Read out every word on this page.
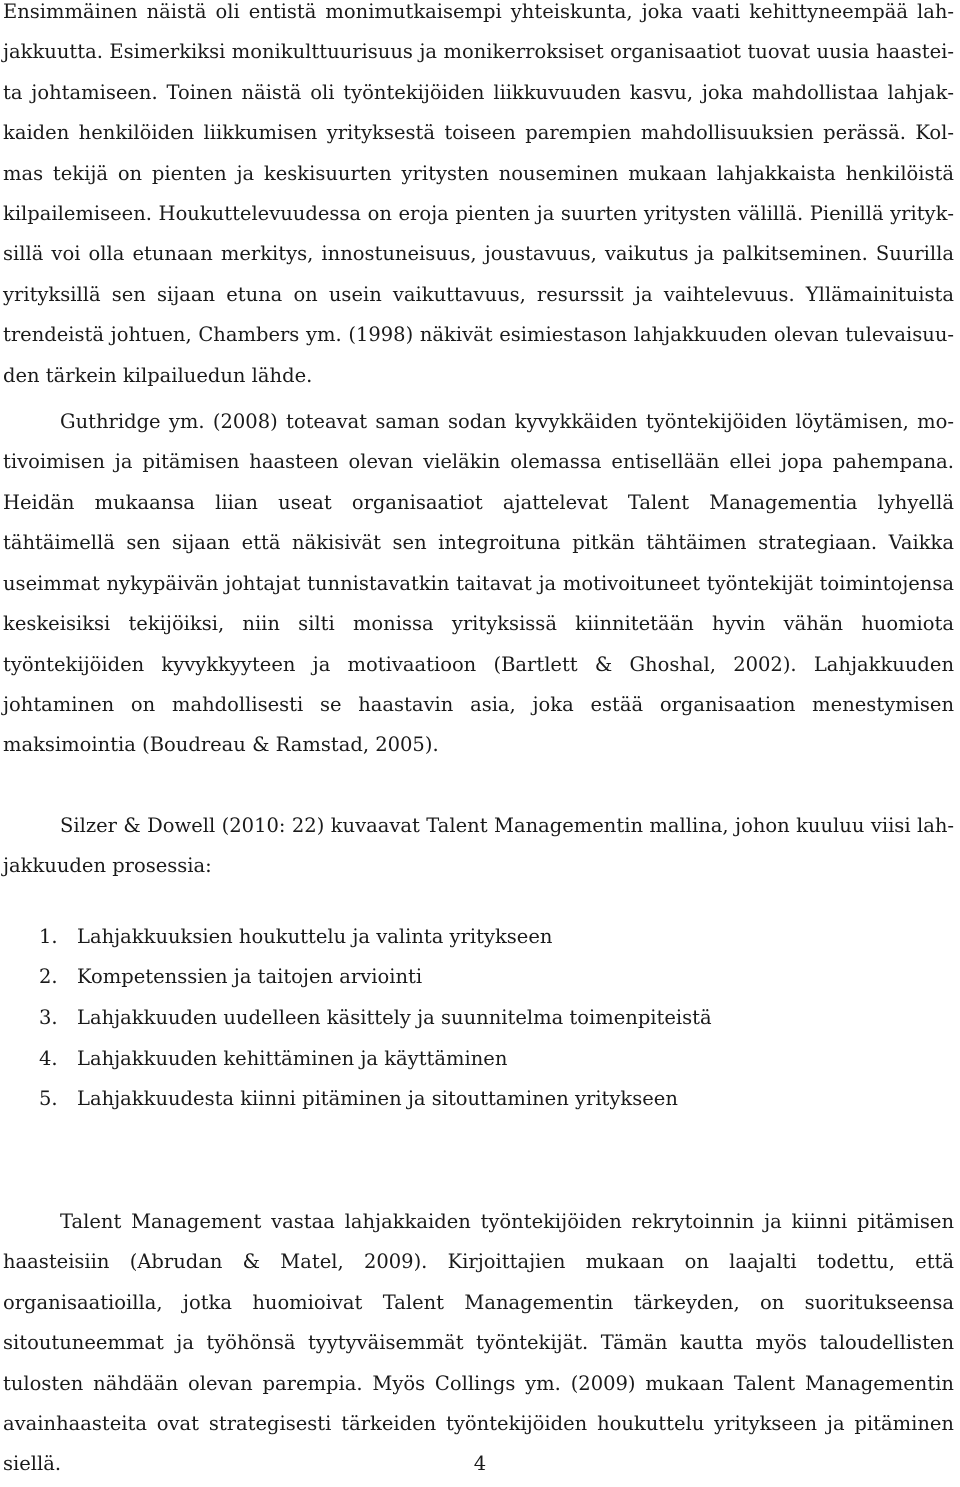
Ensimmäinen näistä oli entistä monimutkaisempi yhteiskunta, joka vaati kehittyneempää lahjakkuutta. Esimerkiksi monikulttuurisuus ja monikerroksiset organisaatiot tuovat uusia haasteita johtamiseen. Toinen näistä oli työntekijöiden liikkuvuuden kasvu, joka mahdollistaa lahjakkaiden henkilöiden liikkumisen yrityksestä toiseen parempien mahdollisuuksien perässä. Kolmas tekijä on pienten ja keskisuurten yritysten nouseminen mukaan lahjakkaista henkilöistä kilpailemiseen. Houkuttelevuudessa on eroja pienten ja suurten yritysten välillä. Pienillä yrityksillä voi olla etunaan merkitys, innostuneisuus, joustavuus, vaikutus ja palkitseminen. Suurilla yrityksillä sen sijaan etuna on usein vaikuttavuus, resurssit ja vaihtelevuus. Yllämainituista trendeistä johtuen, Chambers ym. (1998) näkivät esimiestason lahjakkuuden olevan tulevaisuuden tärkein kilpailuedun lähde.

Guthridge ym. (2008) toteavat saman sodan kyvykkäiden työntekijöiden löytämisen, motivoimisen ja pitämisen haasteen olevan vieläkin olemassa entisellään ellei jopa pahempana. Heidän mukaansa liian useat organisaatiot ajattelevat Talent Managementia lyhyellä tähtäimellä sen sijaan että näkisivät sen integroituna pitkän tähtäimen strategiaan. Vaikka useimmat nykypäivän johtajat tunnistavatkin taitavat ja motivoituneet työntekijät toimintojensa keskeisiksi tekijöiksi, niin silti monissa yrityksissä kiinnitetään hyvin vähän huomiota työntekijöiden kyvykkyyteen ja motivaatioon (Bartlett & Ghoshal, 2002). Lahjakkuuden johtaminen on mahdollisesti se haastavin asia, joka estää organisaation menestymisen maksimointia (Boudreau & Ramstad, 2005).

Silzer & Dowell (2010: 22) kuvaavat Talent Managementin mallina, johon kuuluu viisi lahjakkuuden prosessia:

1. Lahjakkuuksien houkuttelu ja valinta yritykseen
2. Kompetenssien ja taitojen arviointi
3. Lahjakkuuden uudelleen käsittely ja suunnitelma toimenpiteistä
4. Lahjakkuuden kehittäminen ja käyttäminen
5. Lahjakkuudesta kiinni pitäminen ja sitouttaminen yritykseen

Talent Management vastaa lahjakkaiden työntekijöiden rekrytoinnin ja kiinni pitämisen haasteisiin (Abrudan & Matel, 2009). Kirjoittajien mukaan on laajalti todettu, että organisaatioilla, jotka huomioivat Talent Managementin tärkeyden, on suoritukseensa sitoutuneemmat ja työhönsä tyytyväisemmät työntekijät. Tämän kautta myös taloudellisten tulosten nähdään olevan parempia. Myös Collings ym. (2009) mukaan Talent Managementin avainhaasteita ovat strategisesti tärkeiden työntekijöiden houkuttelu yritykseen ja pitäminen siellä.	4
